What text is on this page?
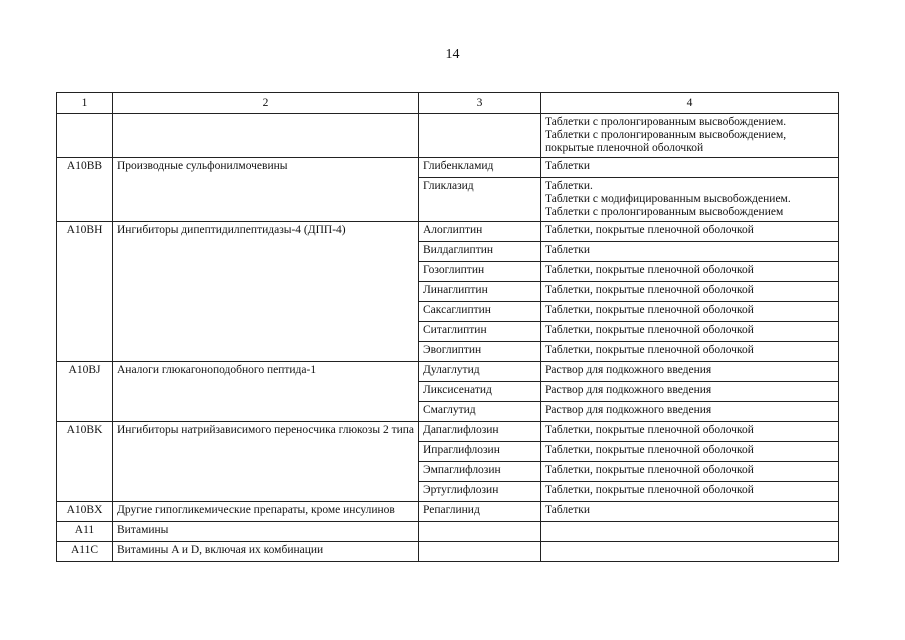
14
1	2	3	4
			Таблетки с пролонгированным высвобождением.
Таблетки с пролонгированным высвобождением, покрытые пленочной оболочкой
A10BB	Производные сульфонилмочевины	Глибенкламид	Таблетки
		Гликлазид	Таблетки.
Таблетки с модифицированным высвобождением.
Таблетки с пролонгированным высвобождением
A10BH	Ингибиторы дипептидилпептидазы-4 (ДПП-4)	Алоглиптин	Таблетки, покрытые пленочной оболочкой
		Вилдаглиптин	Таблетки
		Гозоглиптин	Таблетки, покрытые пленочной оболочкой
		Линаглиптин	Таблетки, покрытые пленочной оболочкой
		Саксаглиптин	Таблетки, покрытые пленочной оболочкой
		Ситаглиптин	Таблетки, покрытые пленочной оболочкой
		Эвоглиптин	Таблетки, покрытые пленочной оболочкой
A10BJ	Аналоги глюкагоноподобного пептида-1	Дулаглутид	Раствор для подкожного введения
		Ликсисенатид	Раствор для подкожного введения
		Смаглутид	Раствор для подкожного введения
A10BK	Ингибиторы натрийзависимого переносчика глюкозы 2 типа	Дапаглифлозин	Таблетки, покрытые пленочной оболочкой
		Ипраглифлозин	Таблетки, покрытые пленочной оболочкой
		Эмпаглифлозин	Таблетки, покрытые пленочной оболочкой
		Эртуглифлозин	Таблетки, покрытые пленочной оболочкой
A10BX	Другие гипогликемические препараты, кроме инсулинов	Репаглинид	Таблетки
A11	Витамины		
A11C	Витамины A и D, включая их комбинации		
